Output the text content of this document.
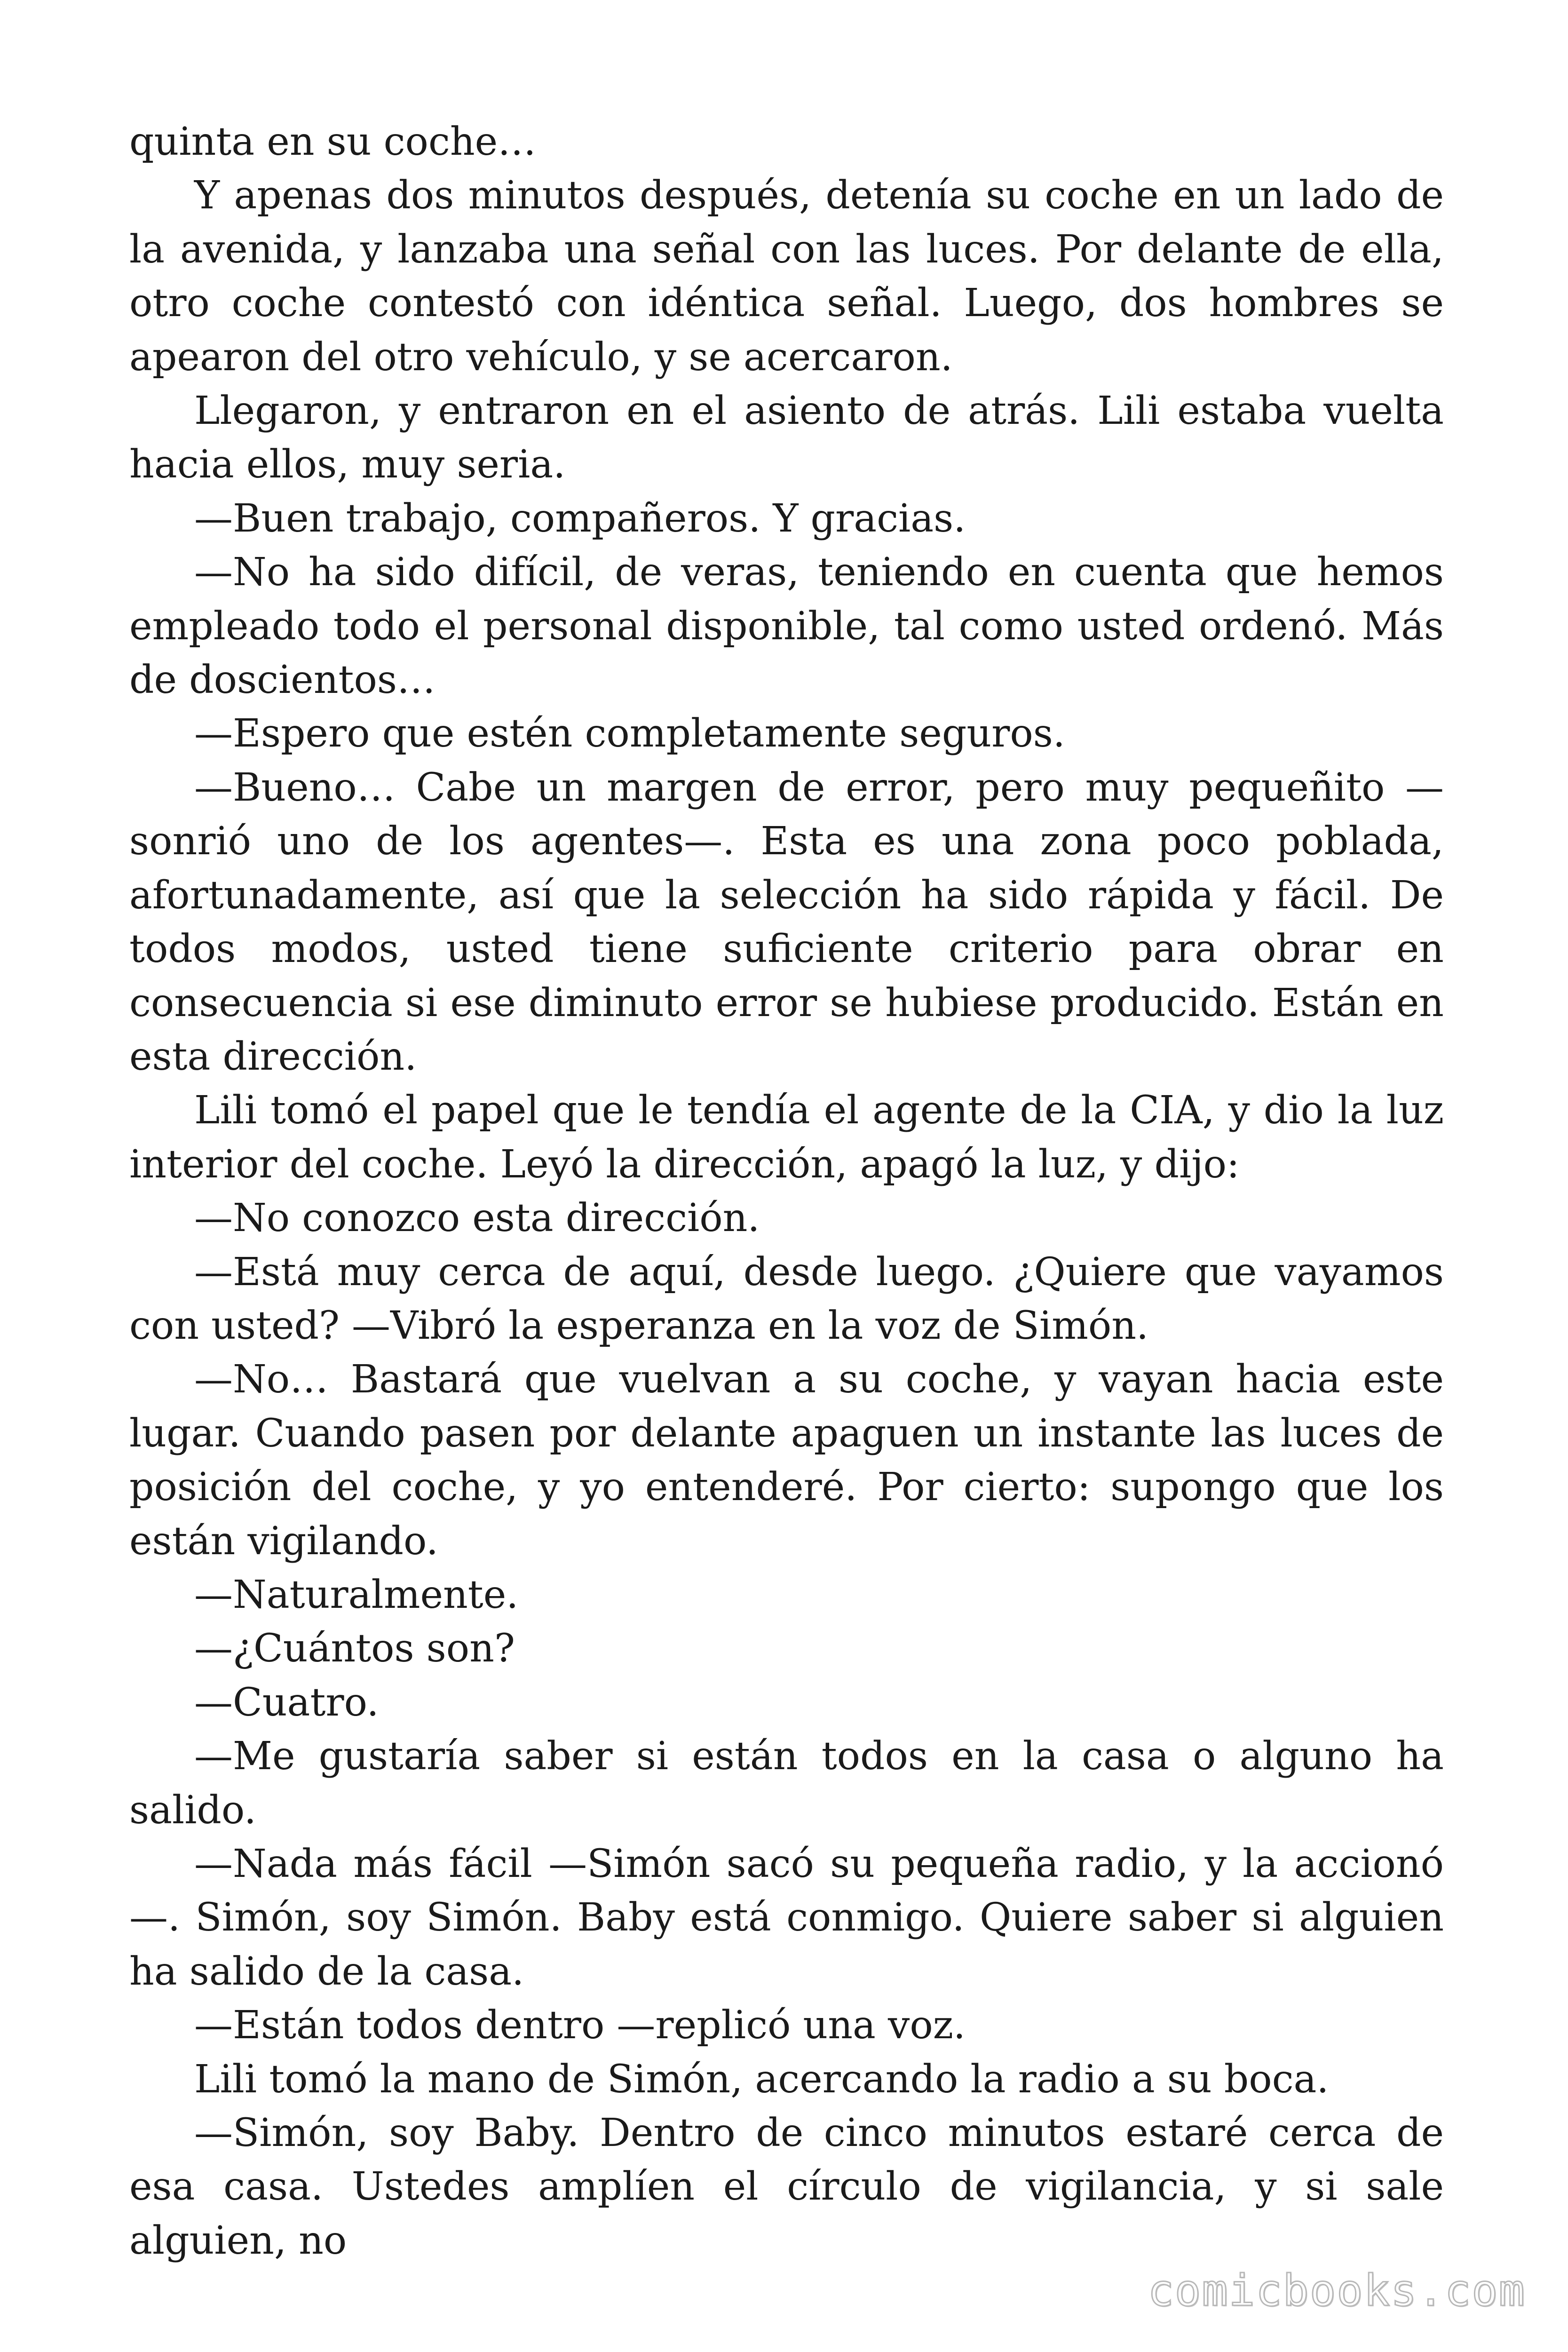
quinta en su coche…

Y apenas dos minutos después, detenía su coche en un lado de la avenida, y lanzaba una señal con las luces. Por delante de ella, otro coche contestó con idéntica señal. Luego, dos hombres se apearon del otro vehículo, y se acercaron.

Llegaron, y entraron en el asiento de atrás. Lili estaba vuelta hacia ellos, muy seria.

—Buen trabajo, compañeros. Y gracias.

—No ha sido difícil, de veras, teniendo en cuenta que hemos empleado todo el personal disponible, tal como usted ordenó. Más de doscientos…

—Espero que estén completamente seguros.

—Bueno… Cabe un margen de error, pero muy pequeñito —sonrió uno de los agentes—. Esta es una zona poco poblada, afortunadamente, así que la selección ha sido rápida y fácil. De todos modos, usted tiene suficiente criterio para obrar en consecuencia si ese diminuto error se hubiese producido. Están en esta dirección.

Lili tomó el papel que le tendía el agente de la CIA, y dio la luz interior del coche. Leyó la dirección, apagó la luz, y dijo:

—No conozco esta dirección.

—Está muy cerca de aquí, desde luego. ¿Quiere que vayamos con usted? —Vibró la esperanza en la voz de Simón.

—No… Bastará que vuelvan a su coche, y vayan hacia este lugar. Cuando pasen por delante apaguen un instante las luces de posición del coche, y yo entenderé. Por cierto: supongo que los están vigilando.

—Naturalmente.

—¿Cuántos son?

—Cuatro.

—Me gustaría saber si están todos en la casa o alguno ha salido.

—Nada más fácil —Simón sacó su pequeña radio, y la accionó—. Simón, soy Simón. Baby está conmigo. Quiere saber si alguien ha salido de la casa.

—Están todos dentro —replicó una voz.

Lili tomó la mano de Simón, acercando la radio a su boca.

—Simón, soy Baby. Dentro de cinco minutos estaré cerca de esa casa. Ustedes amplíen el círculo de vigilancia, y si sale alguien, no

comicbooks.com
